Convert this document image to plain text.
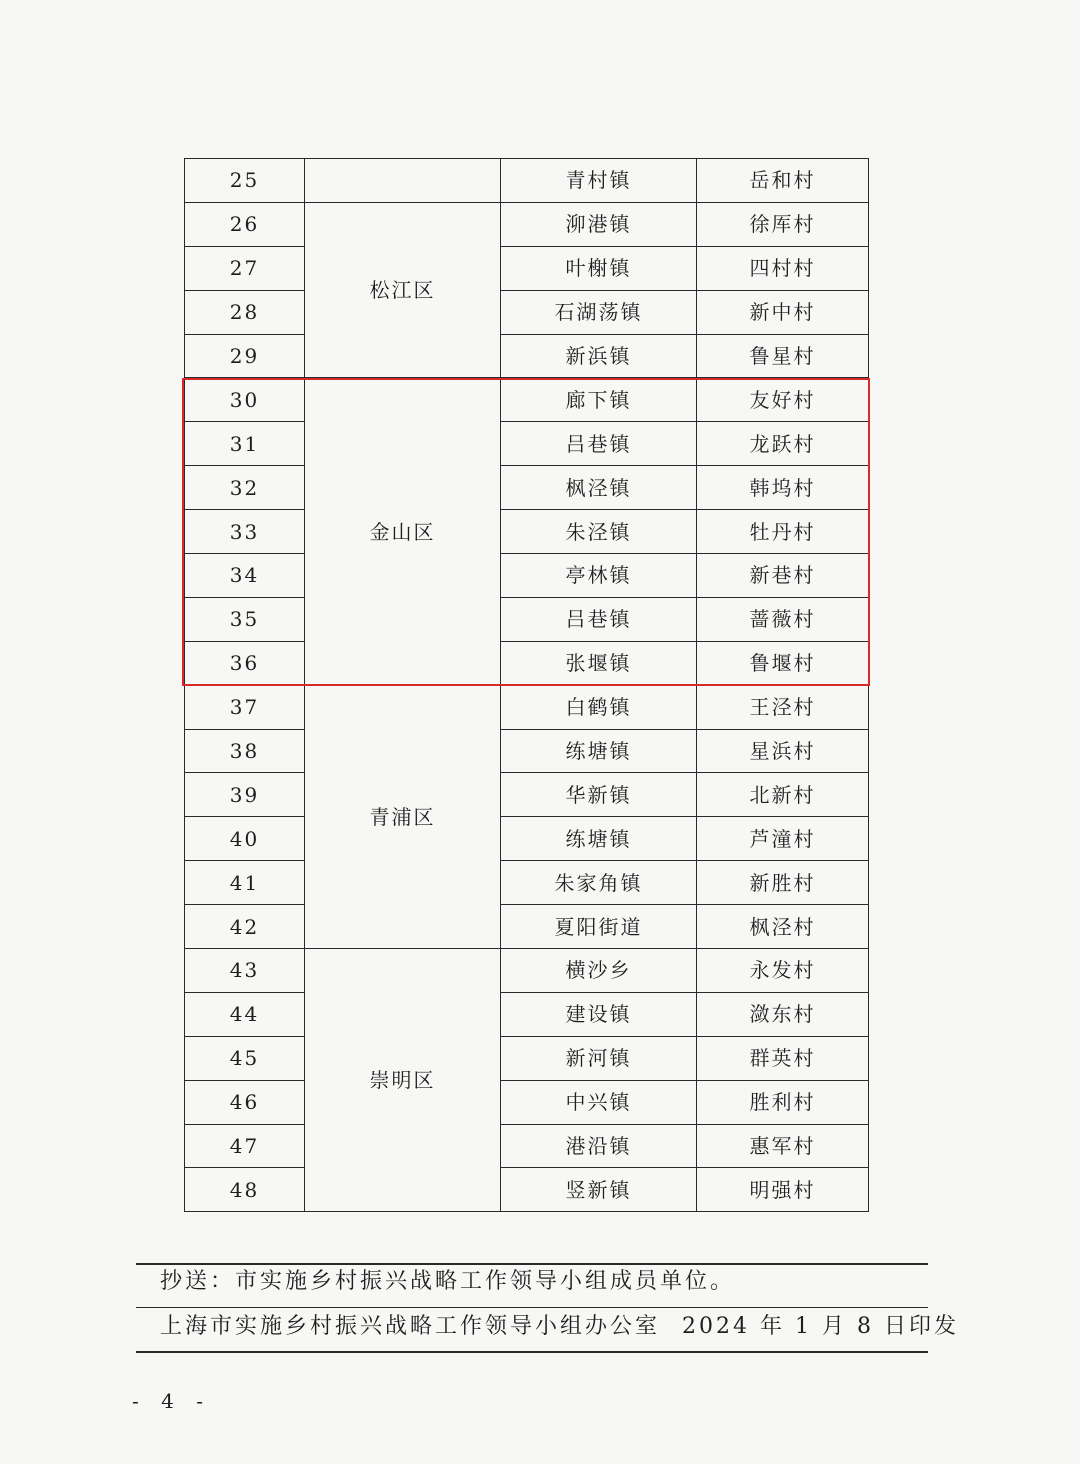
25		青村镇	岳和村
26	松江区	泖港镇	徐厍村
27		叶榭镇	四村村
28		石湖荡镇	新中村
29		新浜镇	鲁星村
30	金山区	廊下镇	友好村
31		吕巷镇	龙跃村
32		枫泾镇	韩坞村
33		朱泾镇	牡丹村
34		亭林镇	新巷村
35		吕巷镇	蔷薇村
36		张堰镇	鲁堰村
37	青浦区	白鹤镇	王泾村
38		练塘镇	星浜村
39		华新镇	北新村
40		练塘镇	芦潼村
41		朱家角镇	新胜村
42		夏阳街道	枫泾村
43	崇明区	横沙乡	永发村
44		建设镇	潋东村
45		新河镇	群英村
46		中兴镇	胜利村
47		港沿镇	惠军村
48		竖新镇	明强村
抄送：市实施乡村振兴战略工作领导小组成员单位。
上海市实施乡村振兴战略工作领导小组办公室 2024 年 1 月 8 日印发
- 4 -
